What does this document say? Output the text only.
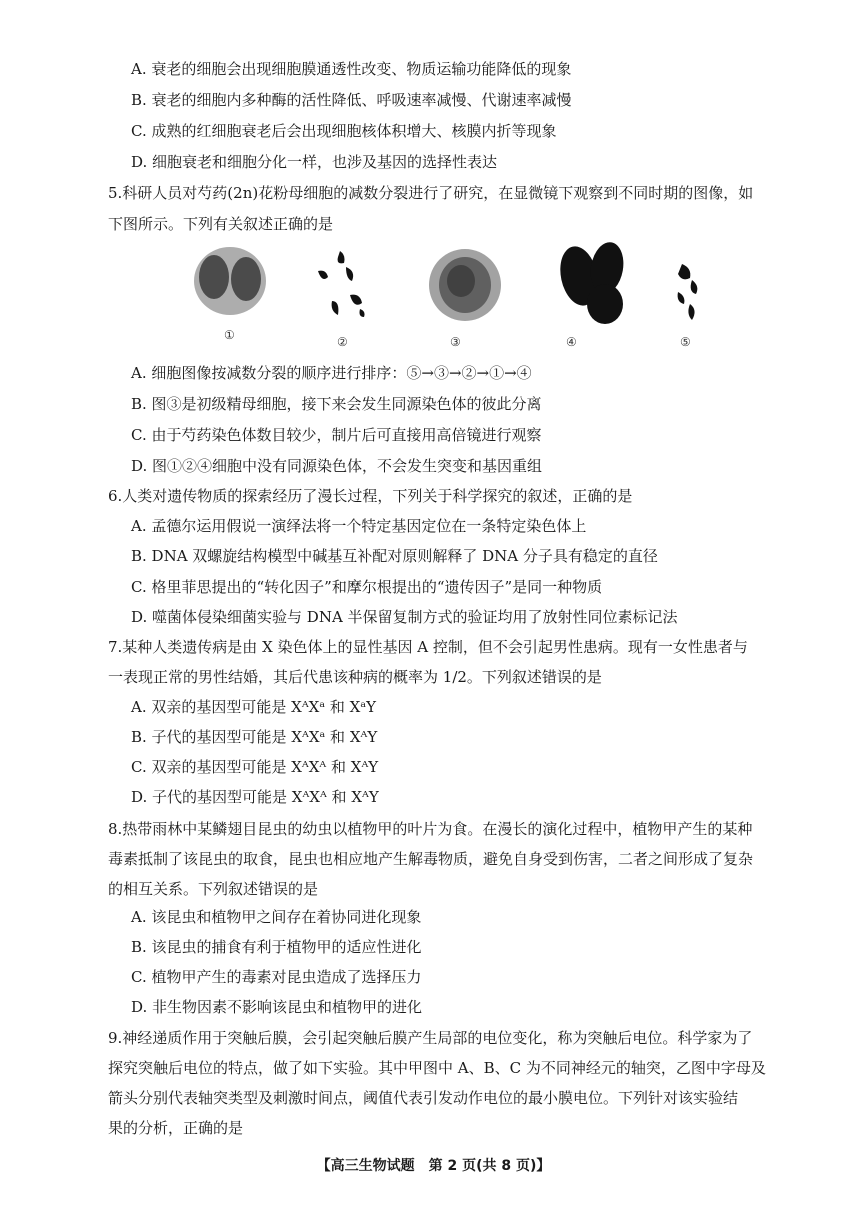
A. 衰老的细胞会出现细胞膜通透性改变、物质运输功能降低的现象
B. 衰老的细胞内多种酶的活性降低、呼吸速率减慢、代谢速率减慢
C. 成熟的红细胞衰老后会出现细胞核体积增大、核膜内折等现象
D. 细胞衰老和细胞分化一样，也涉及基因的选择性表达
5.科研人员对芍药(2n)花粉母细胞的减数分裂进行了研究，在显微镜下观察到不同时期的图像，如
下图所示。下列有关叙述正确的是
①	②	③	④	⑤
A. 细胞图像按减数分裂的顺序进行排序：⑤→③→②→①→④
B. 图③是初级精母细胞，接下来会发生同源染色体的彼此分离
C. 由于芍药染色体数目较少，制片后可直接用高倍镜进行观察
D. 图①②④细胞中没有同源染色体，不会发生突变和基因重组
6.人类对遗传物质的探索经历了漫长过程，下列关于科学探究的叙述，正确的是
A. 孟德尔运用假说一演绎法将一个特定基因定位在一条特定染色体上
B. DNA 双螺旋结构模型中碱基互补配对原则解释了 DNA 分子具有稳定的直径
C. 格里菲思提出的“转化因子”和摩尔根提出的“遗传因子”是同一种物质
D. 噬菌体侵染细菌实验与 DNA 半保留复制方式的验证均用了放射性同位素标记法
7.某种人类遗传病是由 X 染色体上的显性基因 A 控制，但不会引起男性患病。现有一女性患者与
一表现正常的男性结婚，其后代患该种病的概率为 1/2。下列叙述错误的是
A. 双亲的基因型可能是 XᴬXᵃ 和 XᵃY
B. 子代的基因型可能是 XᴬXᵃ 和 XᴬY
C. 双亲的基因型可能是 XᴬXᴬ 和 XᴬY
D. 子代的基因型可能是 XᴬXᴬ 和 XᴬY
8.热带雨林中某鳞翅目昆虫的幼虫以植物甲的叶片为食。在漫长的演化过程中，植物甲产生的某种
毒素抵制了该昆虫的取食，昆虫也相应地产生解毒物质，避免自身受到伤害，二者之间形成了复杂
的相互关系。下列叙述错误的是
A. 该昆虫和植物甲之间存在着协同进化现象
B. 该昆虫的捕食有利于植物甲的适应性进化
C. 植物甲产生的毒素对昆虫造成了选择压力
D. 非生物因素不影响该昆虫和植物甲的进化
9.神经递质作用于突触后膜，会引起突触后膜产生局部的电位变化，称为突触后电位。科学家为了
探究突触后电位的特点，做了如下实验。其中甲图中 A、B、C 为不同神经元的轴突，乙图中字母及
箭头分别代表轴突类型及刺激时间点，阈值代表引发动作电位的最小膜电位。下列针对该实验结
果的分析，正确的是
【高三生物试题　第 2 页(共 8 页)】
